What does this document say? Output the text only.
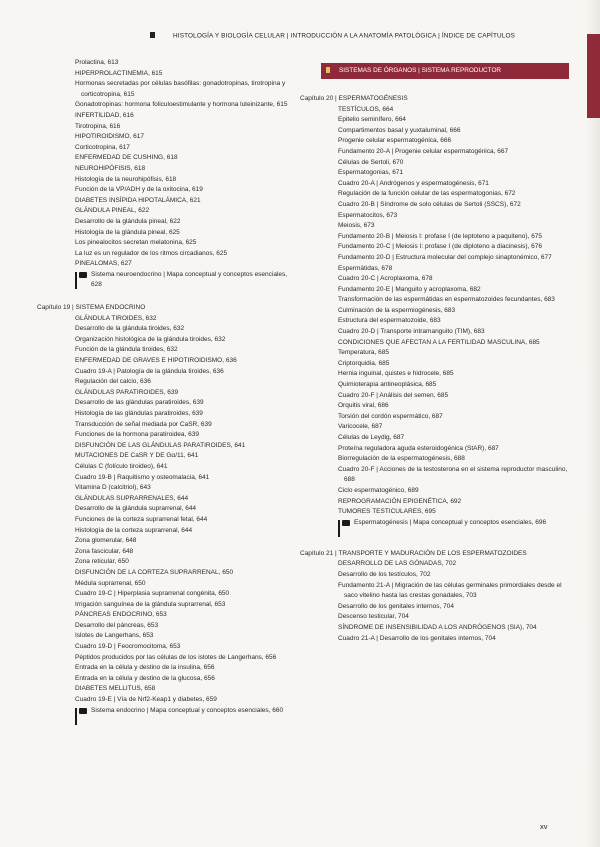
HISTOLOGÍA Y BIOLOGÍA CELULAR | INTRODUCCIÓN A LA ANATOMÍA PATOLÓGICA | ÍNDICE DE CAPÍTULOS
SISTEMAS DE ÓRGANOS | SISTEMA REPRODUCTOR
Prolactina, 613
HIPERPROLACTINEMIA, 615
Hormonas secretadas por células basófilas: gonadotropinas, tirotropina y corticotropina, 615
Gonadotropinas: hormona foliculoestimulante y hormona luteinizante, 615
INFERTILIDAD, 616
Tirotropina, 616
HIPOTIROIDISMO, 617
Corticotropina, 617
ENFERMEDAD DE CUSHING, 618
NEUROHIPÓFISIS, 618
Histología de la neurohipófisis, 618
Función de la VP/ADH y de la oxitocina, 619
DIABETES INSÍPIDA HIPOTALÁMICA, 621
GLÁNDULA PINEAL, 622
Desarrollo de la glándula pineal, 622
Histología de la glándula pineal, 625
Los pinealocitos secretan melatonina, 625
La luz es un regulador de los ritmos circadianos, 625
PINEALOMAS, 627
Sistema neuroendocrino | Mapa conceptual y conceptos esenciales, 628
Capítulo 19 | SISTEMA ENDOCRINO
GLÁNDULA TIROIDES, 632
Desarrollo de la glándula tiroides, 632
Organización histológica de la glándula tiroides, 632
Función de la glándula tiroides, 632
ENFERMEDAD DE GRAVES E HIPOTIROIDISMO, 636
Cuadro 19-A | Patología de la glándula tiroides, 636
Regulación del calcio, 636
GLÁNDULAS PARATIROIDES, 639
Desarrollo de las glándulas paratiroides, 639
Histología de las glándulas paratiroides, 639
Transducción de señal mediada por CaSR, 639
Funciones de la hormona paratiroidea, 639
DISFUNCIÓN DE LAS GLÁNDULAS PARATIROIDES, 641
MUTACIONES DE CaSR Y DE Gα/11, 641
Células C (folículo tiroideo), 641
Cuadro 19-B | Raquitismo y osteomalacia, 641
Vitamina D (calcitriol), 643
GLÁNDULAS SUPRARRENALES, 644
Desarrollo de la glándula suprarrenal, 644
Funciones de la corteza suprarrenal fetal, 644
Histología de la corteza suprarrenal, 644
Zona glomerular, 648
Zona fascicular, 648
Zona reticular, 650
DISFUNCIÓN DE LA CORTEZA SUPRARRENAL, 650
Médula suprarrenal, 650
Cuadro 19-C | Hiperplasia suprarrenal congénita, 650
Irrigación sanguínea de la glándula suprarrenal, 653
PÁNCREAS ENDOCRINO, 653
Desarrollo del páncreas, 653
Islotes de Langerhans, 653
Cuadro 19-D | Feocromocitoma, 653
Péptidos producidos por las células de los islotes de Langerhans, 656
Entrada en la célula y destino de la insulina, 656
Entrada en la célula y destino de la glucosa, 656
DIABETES MELLITUS, 658
Cuadro 19-E | Vía de Nrf2-Keap1 y diabetes, 659
Sistema endocrino | Mapa conceptual y conceptos esenciales, 660
Capítulo 20 | ESPERMATOGÉNESIS
TESTÍCULOS, 664
Epitelio seminífero, 664
Compartimentos basal y yuxtaluminal, 666
Progenie celular espermatogénica, 666
Fundamento 20-A | Progenie celular espermatogénica, 667
Células de Sertoli, 670
Espermatogonias, 671
Cuadro 20-A | Andrógenos y espermatogénesis, 671
Regulación de la función celular de las espermatogonias, 672
Cuadro 20-B | Síndrome de solo células de Sertoli (SSCS), 672
Espermatocitos, 673
Meiosis, 673
Fundamento 20-B | Meiosis I: profase I (de leptoteno a paquiteno), 675
Fundamento 20-C | Meiosis I: profase I (de diploteno a diacinesis), 676
Fundamento 20-D | Estructura molecular del complejo sinaptonémico, 677
Espermátidas, 678
Cuadro 20-C | Acroplaxoma, 678
Fundamento 20-E | Manguito y acroplaxoma, 682
Transformación de las espermátidas en espermatozoides fecundantes, 683
Culminación de la espermiogénesis, 683
Estructura del espermatozoide, 683
Cuadro 20-D | Transporte intramanguito (TIM), 683
CONDICIONES QUE AFECTAN A LA FERTILIDAD MASCULINA, 685
Temperatura, 685
Criptorquidia, 685
Hernia inguinal, quistes e hidrocele, 685
Quimioterapia antineoplásica, 685
Cuadro 20-F | Análisis del semen, 685
Orquitis viral, 686
Torsión del cordón espermático, 687
Varicocele, 687
Células de Leydig, 687
Proteína reguladora aguda esteroidogénica (StAR), 687
Biorregulación de la espermatogénesis, 688
Cuadro 20-F | Acciones de la testosterona en el sistema reproductor masculino, 688
Ciclo espermatogénico, 689
REPROGRAMACIÓN EPIGENÉTICA, 692
TUMORES TESTICULARES, 695
Espermatogénesis | Mapa conceptual y conceptos esenciales, 696
Capítulo 21 | TRANSPORTE Y MADURACIÓN DE LOS ESPERMATOZOIDES
DESARROLLO DE LAS GÓNADAS, 702
Desarrollo de los testículos, 702
Fundamento 21-A | Migración de las células germinales primordiales desde el saco vitelino hasta las crestas gonadales, 703
Desarrollo de los genitales internos, 704
Descenso testicular, 704
SÍNDROME DE INSENSIBILIDAD A LOS ANDRÓGENOS (SIA), 704
Cuadro 21-A | Desarrollo de los genitales internos, 704
xv
